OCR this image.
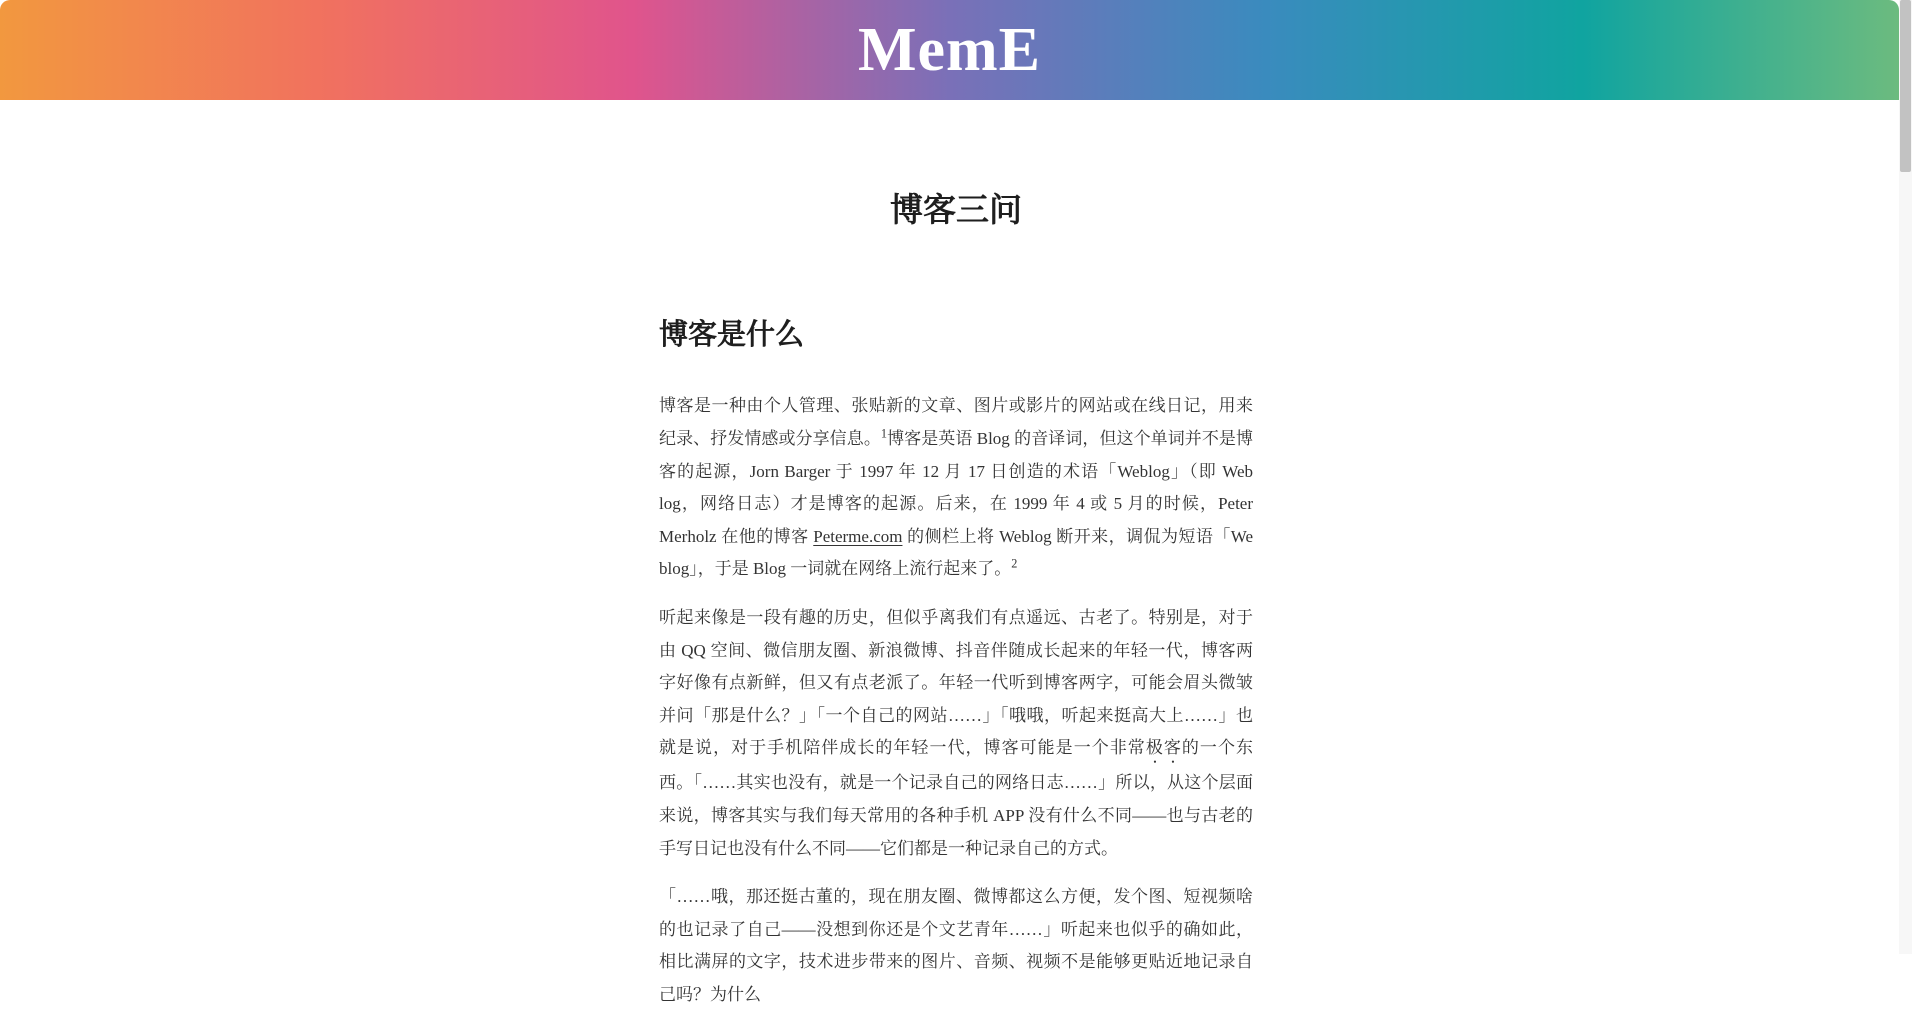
MemE
博客三问
博客是什么

博客是一种由个人管理、张贴新的文章、图片或影片的网站或在线日记，用来纪录、抒发情感或分享信息。$^1$博客是英语 Blog 的音译词，但这个单词并不是博客的起源，Jorn Barger 于 1997 年 12 月 17 日创造的术语「Weblog」（即 Web log，网络日志）才是博客的起源。后来，在 1999 年 4 或 5 月的时候，Peter Merholz 在他的博客 Peterme.com 的侧栏上将 Weblog 断开来，调侃为短语「We blog」，于是 Blog 一词就在网络上流行起来了。$^2$

听起来像是一段有趣的历史，但似乎离我们有点遥远、古老了。特别是，对于由 QQ 空间、微信朋友圈、新浪微博、抖音伴随成长起来的年轻一代，博客两字好像有点新鲜，但又有点老派了。年轻一代听到博客两字，可能会眉头微皱并问「那是什么？」「一个自己的网站……」「哦哦，听起来挺高大上……」也就是说，对于手机陪伴成长的年轻一代，博客可能是一个非常极客的一个东西。「……其实也没有，就是一个记录自己的网络日志……」所以，从这个层面来说，博客其实与我们每天常用的各种手机 APP 没有什么不同——也与古老的手写日记也没有什么不同——它们都是一种记录自己的方式。

「……哦，那还挺古董的，现在朋友圈、微博都这么方便，发个图、短视频啥的也记录了自己——没想到你还是个文艺青年……」听起来也似乎的确如此，相比满屏的文字，技术进步带来的图片、音频、视频不是能够更贴近地记录自己吗？为什么
